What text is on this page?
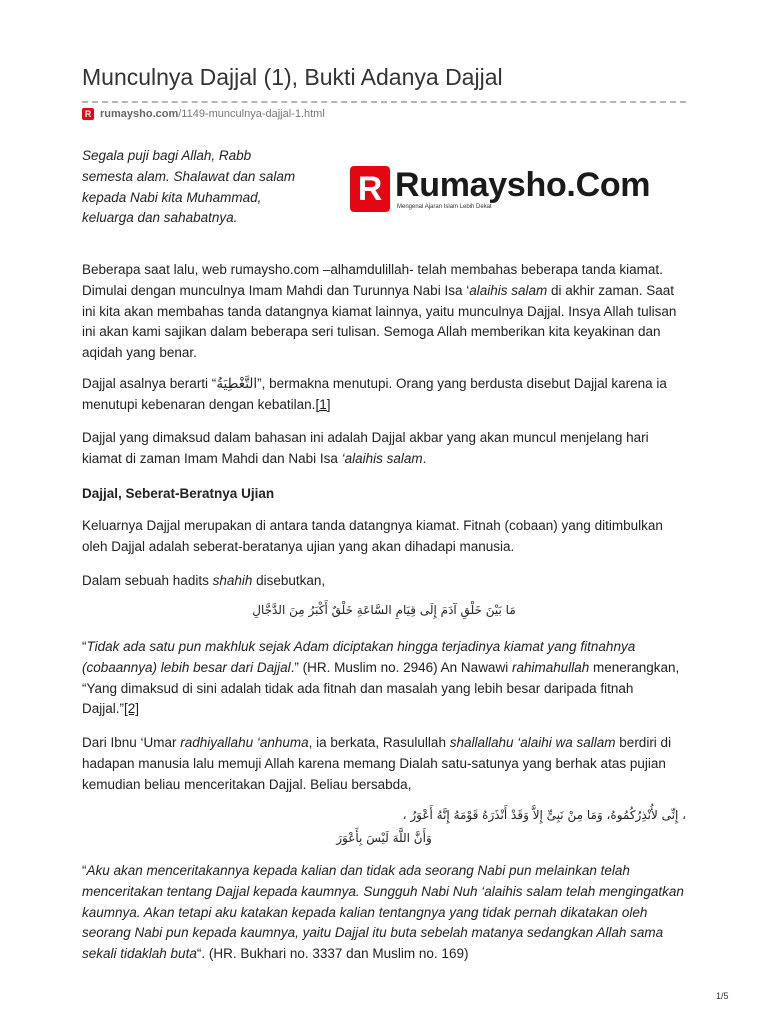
Munculnya Dajjal (1), Bukti Adanya Dajjal
R rumaysho.com /1149-munculnya-dajjal-1.html

Segala puji bagi Allah, Rabb semesta alam. Shalawat dan salam kepada Nabi kita Muhammad, keluarga dan sahabatnya.

R Rumaysho.Com
Mengenal Ajaran Islam Lebih Dekat

Beberapa saat lalu, web rumaysho.com –alhamdulillah- telah membahas beberapa tanda kiamat. Dimulai dengan munculnya Imam Mahdi dan Turunnya Nabi Isa ‘alaihis salam di akhir zaman. Saat ini kita akan membahas tanda datangnya kiamat lainnya, yaitu munculnya Dajjal. Insya Allah tulisan ini akan kami sajikan dalam beberapa seri tulisan. Semoga Allah memberikan kita keyakinan dan aqidah yang benar.

Dajjal asalnya berarti “التَّغْطِيَةُ”, bermakna menutupi. Orang yang berdusta disebut Dajjal karena ia menutupi kebenaran dengan kebatilan.[1]

Dajjal yang dimaksud dalam bahasan ini adalah Dajjal akbar yang akan muncul menjelang hari kiamat di zaman Imam Mahdi dan Nabi Isa ‘alaihis salam.

Dajjal, Seberat-Beratnya Ujian

Keluarnya Dajjal merupakan di antara tanda datangnya kiamat. Fitnah (cobaan) yang ditimbulkan oleh Dajjal adalah seberat-beratanya ujian yang akan dihadapi manusia.

Dalam sebuah hadits shahih disebutkan,

مَا بَيْنَ خَلْقِ آدَمَ إِلَى قِيَامِ السَّاعَةِ خَلْقٌ أَكْبَرُ مِنَ الدَّجَّالِ

“Tidak ada satu pun makhluk sejak Adam diciptakan hingga terjadinya kiamat yang fitnahnya (cobaannya) lebih besar dari Dajjal.” (HR. Muslim no. 2946) An Nawawi rahimahullah menerangkan, “Yang dimaksud di sini adalah tidak ada fitnah dan masalah yang lebih besar daripada fitnah Dajjal.”[2]

Dari Ibnu ‘Umar radhiyallahu ‘anhuma, ia berkata, Rasulullah shallallahu ‘alaihi wa sallam berdiri di hadapan manusia lalu memuji Allah karena memang Dialah satu-satunya yang berhak atas pujian kemudian beliau menceritakan Dajjal. Beliau bersabda,

، إِنِّى لأُنْذِرُكُمُوهُ، وَمَا مِنْ نَبِىٍّ إِلاَّ وَقَدْ أَنْذَرَهُ قَوْمَهُ إِنَّهُ أَعْوَرُ ،

وَأَنَّ اللَّهَ لَيْسَ بِأَعْوَرَ

“Aku akan menceritakannya kepada kalian dan tidak ada seorang Nabi pun melainkan telah menceritakan tentang Dajjal kepada kaumnya. Sungguh Nabi Nuh ‘alaihis salam telah mengingatkan kaumnya. Akan tetapi aku katakan kepada kalian tentangnya yang tidak pernah dikatakan oleh seorang Nabi pun kepada kaumnya, yaitu Dajjal itu buta sebelah matanya sedangkan Allah sama sekali tidaklah buta“. (HR. Bukhari no. 3337 dan Muslim no. 169)

1/5
